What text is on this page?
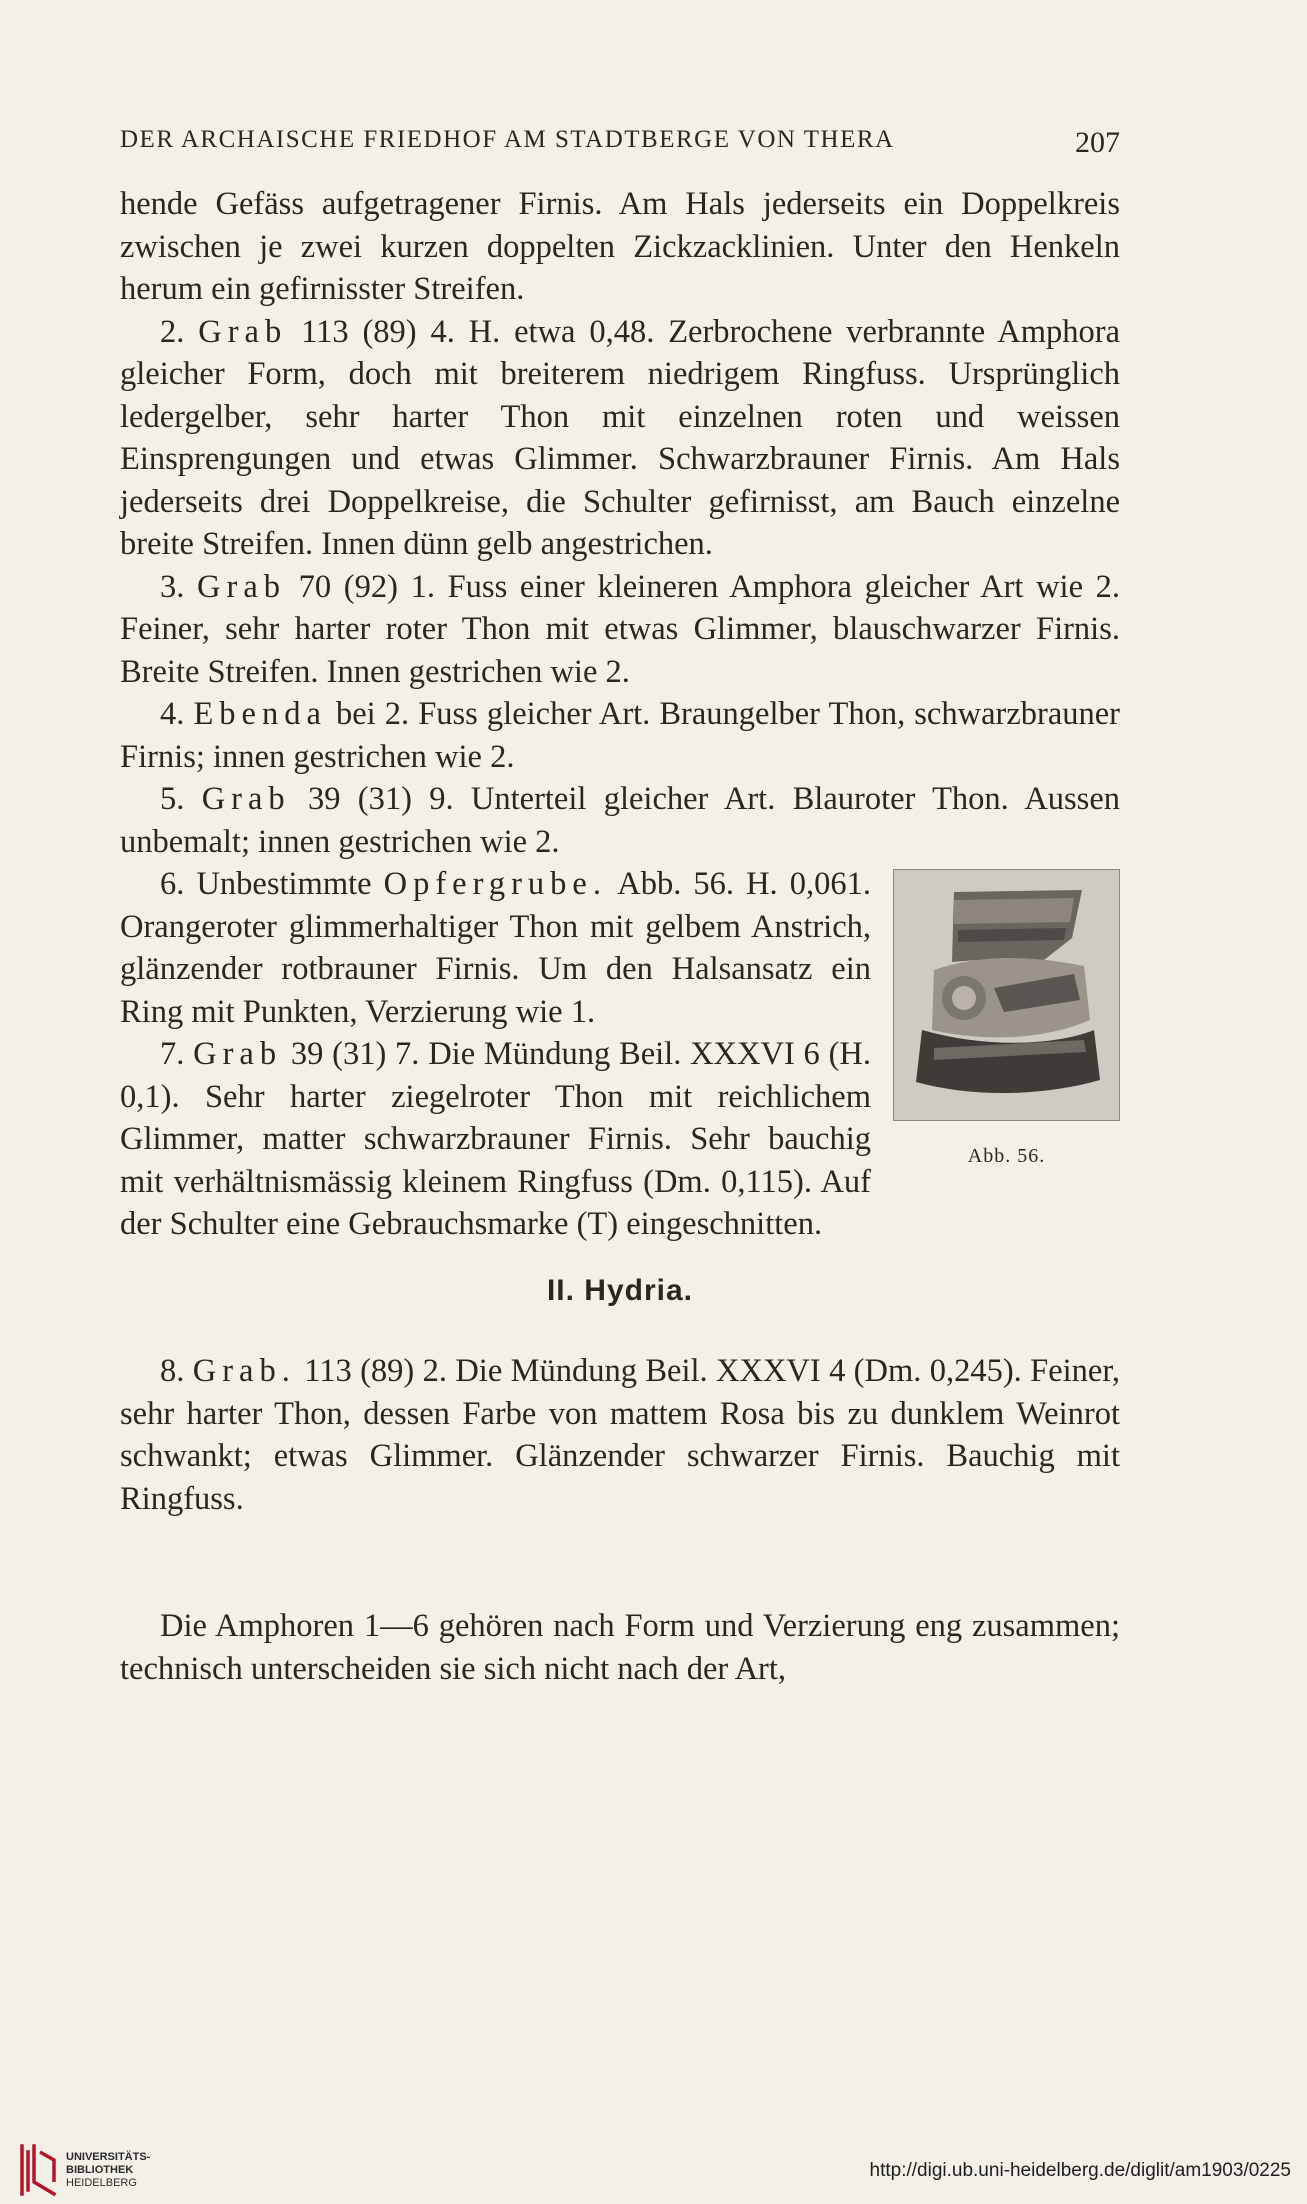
DER ARCHAISCHE FRIEDHOF AM STADTBERGE VON THERA	207

hende Gefäss aufgetragener Firnis. Am Hals jederseits ein Doppelkreis zwischen je zwei kurzen doppelten Zickzacklinien. Unter den Henkeln herum ein gefirnisster Streifen.

2. Grab 113 (89) 4. H. etwa 0,48. Zerbrochene verbrannte Amphora gleicher Form, doch mit breiterem niedrigem Ringfuss. Ursprünglich ledergelber, sehr harter Thon mit einzelnen roten und weissen Einsprengungen und etwas Glimmer. Schwarzbrauner Firnis. Am Hals jederseits drei Doppelkreise, die Schulter gefirnisst, am Bauch einzelne breite Streifen. Innen dünn gelb angestrichen.

3. Grab 70 (92) 1. Fuss einer kleineren Amphora gleicher Art wie 2. Feiner, sehr harter roter Thon mit etwas Glimmer, blauschwarzer Firnis. Breite Streifen. Innen gestrichen wie 2.

4. Ebenda bei 2. Fuss gleicher Art. Braungelber Thon, schwarzbrauner Firnis; innen gestrichen wie 2.

5. Grab 39 (31) 9. Unterteil gleicher Art. Blauroter Thon. Aussen unbemalt; innen gestrichen wie 2.

Abb. 56.

6. Unbestimmte Opfergrube. Abb. 56. H. 0,061. Orangeroter glimmerhaltiger Thon mit gelbem Anstrich, glänzender rotbrauner Firnis. Um den Halsansatz ein Ring mit Punkten, Verzierung wie 1.

7. Grab 39 (31) 7. Die Mündung Beil. XXXVI 6 (H. 0,1). Sehr harter ziegelroter Thon mit reichlichem Glimmer, matter schwarzbrauner Firnis. Sehr bauchig mit verhältnismässig kleinem Ringfuss (Dm. 0,115). Auf der Schulter eine Gebrauchsmarke (T) eingeschnitten.

II. Hydria.

8. Grab. 113 (89) 2. Die Mündung Beil. XXXVI 4 (Dm. 0,245). Feiner, sehr harter Thon, dessen Farbe von mattem Rosa bis zu dunklem Weinrot schwankt; etwas Glimmer. Glänzender schwarzer Firnis. Bauchig mit Ringfuss.

Die Amphoren 1—6 gehören nach Form und Verzierung eng zusammen; technisch unterscheiden sie sich nicht nach der Art,

UNIVERSITÄTS-
BIBLIOTHEK
HEIDELBERG
http://digi.ub.uni-heidelberg.de/diglit/am1903/0225
